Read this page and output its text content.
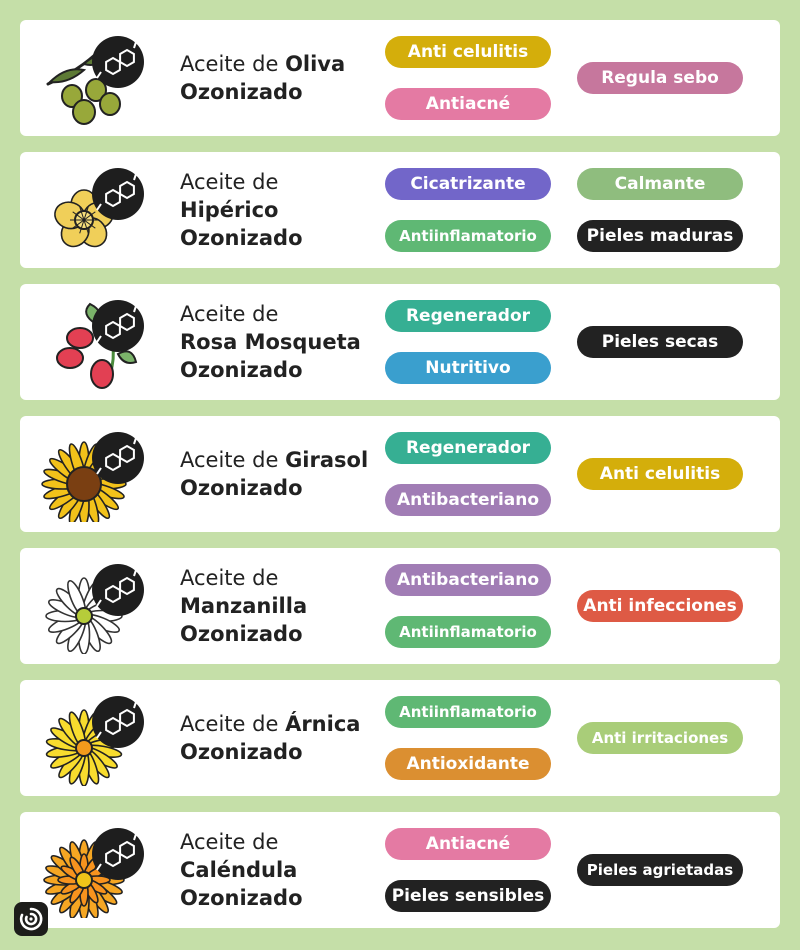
Aceite de Oliva
Ozonizado
Anti celulitis
Antiacné
Regula sebo
Aceite de
Hipérico
Ozonizado
Cicatrizante
Antiinflamatorio
Calmante
Pieles maduras
Aceite de
Rosa Mosqueta
Ozonizado
Regenerador
Nutritivo
Pieles secas
Aceite de Girasol
Ozonizado
Regenerador
Antibacteriano
Anti celulitis
Aceite de
Manzanilla
Ozonizado
Antibacteriano
Antiinflamatorio
Anti infecciones
Aceite de Árnica
Ozonizado
Antiinflamatorio
Antioxidante
Anti irritaciones
Aceite de
Caléndula
Ozonizado
Antiacné
Pieles sensibles
Pieles agrietadas
